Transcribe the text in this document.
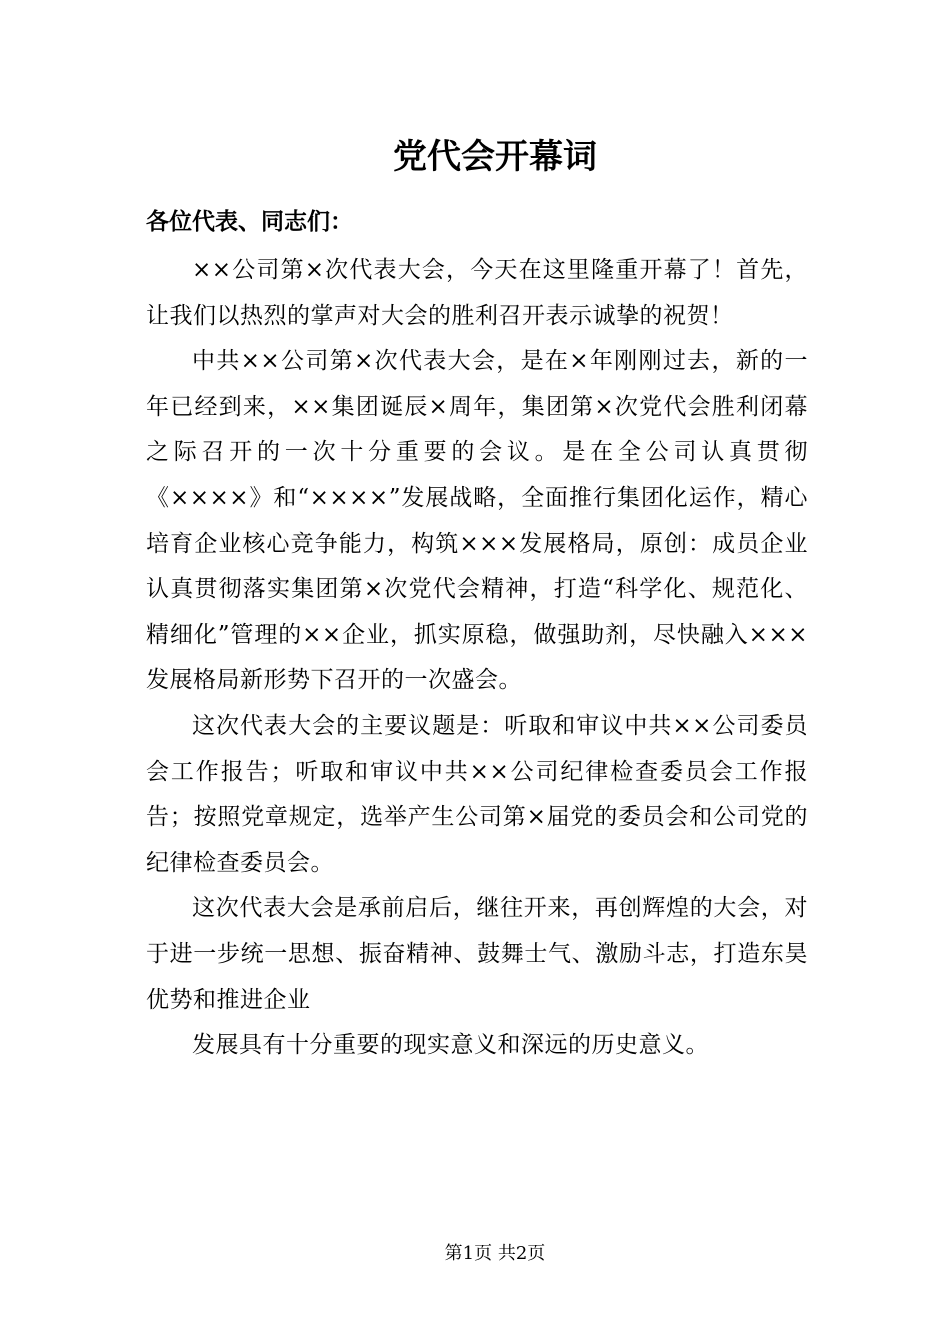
党代会开幕词

各位代表、同志们：

××公司第×次代表大会，今天在这里隆重开幕了！首先，让我们以热烈的掌声对大会的胜利召开表示诚挚的祝贺！

中共××公司第×次代表大会，是在×年刚刚过去，新的一年已经到来，××集团诞辰×周年，集团第×次党代会胜利闭幕之际召开的一次十分重要的会议。是在全公司认真贯彻《××××》和“××××”发展战略，全面推行集团化运作，精心培育企业核心竞争能力，构筑×××发展格局，原创：成员企业认真贯彻落实集团第×次党代会精神，打造“科学化、规范化、精细化”管理的××企业，抓实原稳，做强助剂，尽快融入×××发展格局新形势下召开的一次盛会。

这次代表大会的主要议题是：听取和审议中共××公司委员会工作报告；听取和审议中共××公司纪律检查委员会工作报告；按照党章规定，选举产生公司第×届党的委员会和公司党的纪律检查委员会。

这次代表大会是承前启后，继往开来，再创辉煌的大会，对于进一步统一思想、振奋精神、鼓舞士气、激励斗志，打造东昊优势和推进企业

发展具有十分重要的现实意义和深远的历史意义。

第1页 共2页
